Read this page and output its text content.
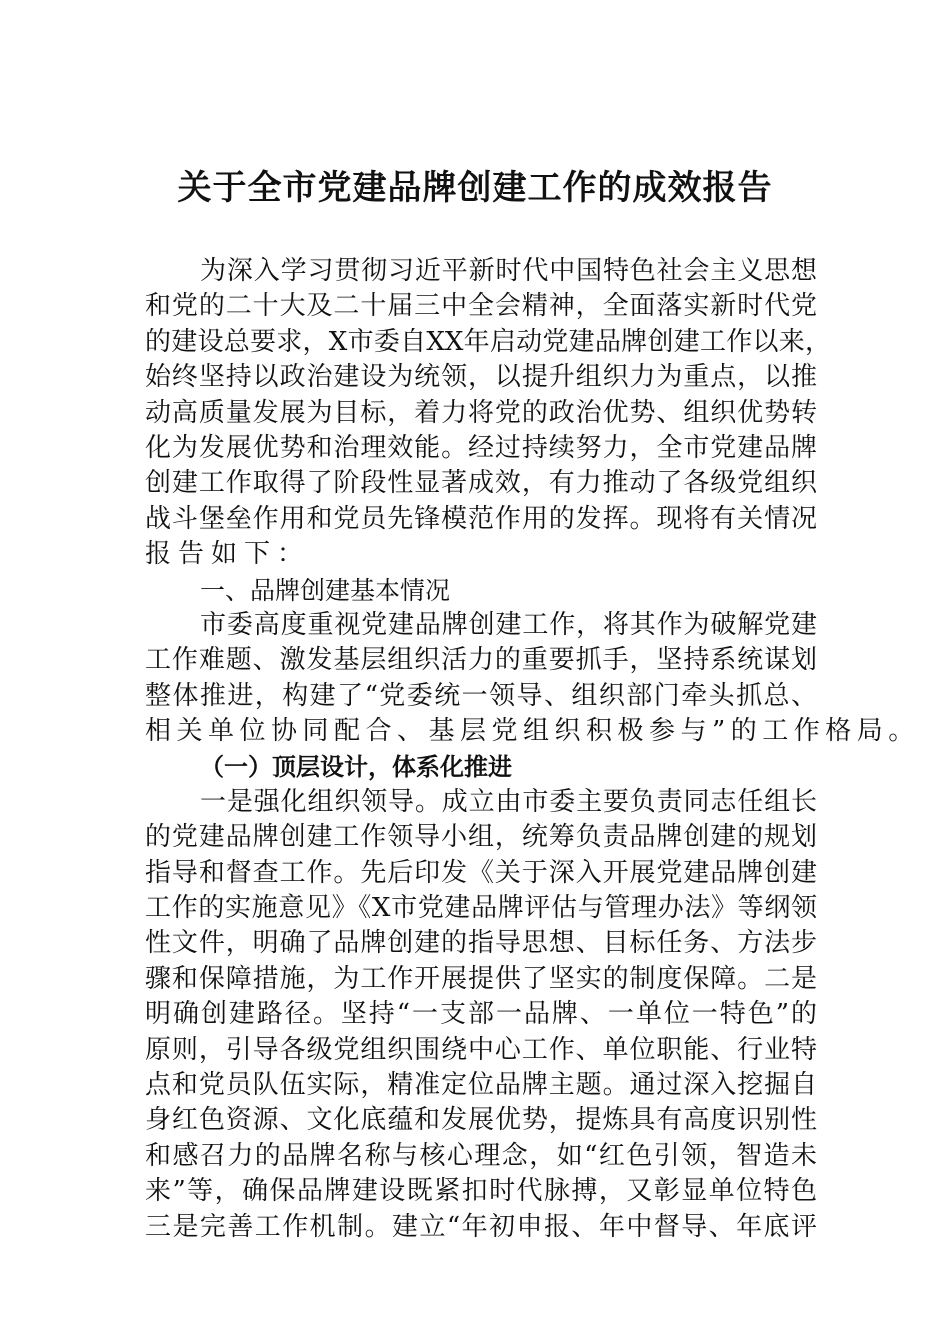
关于全市党建品牌创建工作的成效报告
为深入学习贯彻习近平新时代中国特色社会主义思想
和党的二十大及二十届三中全会精神，全面落实新时代党
的建设总要求，X市委自XX年启动党建品牌创建工作以来，
始终坚持以政治建设为统领，以提升组织力为重点，以推
动高质量发展为目标，着力将党的政治优势、组织优势转
化为发展优势和治理效能。经过持续努力，全市党建品牌
创建工作取得了阶段性显著成效，有力推动了各级党组织
战斗堡垒作用和党员先锋模范作用的发挥。现将有关情况
报告如下：
一、品牌创建基本情况
市委高度重视党建品牌创建工作，将其作为破解党建
工作难题、激发基层组织活力的重要抓手，坚持系统谋划
整体推进，构建了“党委统一领导、组织部门牵头抓总、
相关单位协同配合、基层党组织积极参与”的工作格局。
（一）顶层设计，体系化推进
一是强化组织领导。成立由市委主要负责同志任组长
的党建品牌创建工作领导小组，统筹负责品牌创建的规划
指导和督查工作。先后印发《关于深入开展党建品牌创建
工作的实施意见》《X市党建品牌评估与管理办法》等纲领
性文件，明确了品牌创建的指导思想、目标任务、方法步
骤和保障措施，为工作开展提供了坚实的制度保障。二是
明确创建路径。坚持“一支部一品牌、一单位一特色”的
原则，引导各级党组织围绕中心工作、单位职能、行业特
点和党员队伍实际，精准定位品牌主题。通过深入挖掘自
身红色资源、文化底蕴和发展优势，提炼具有高度识别性
和感召力的品牌名称与核心理念，如“红色引领，智造未
来”等，确保品牌建设既紧扣时代脉搏，又彰显单位特色
三是完善工作机制。建立“年初申报、年中督导、年底评
